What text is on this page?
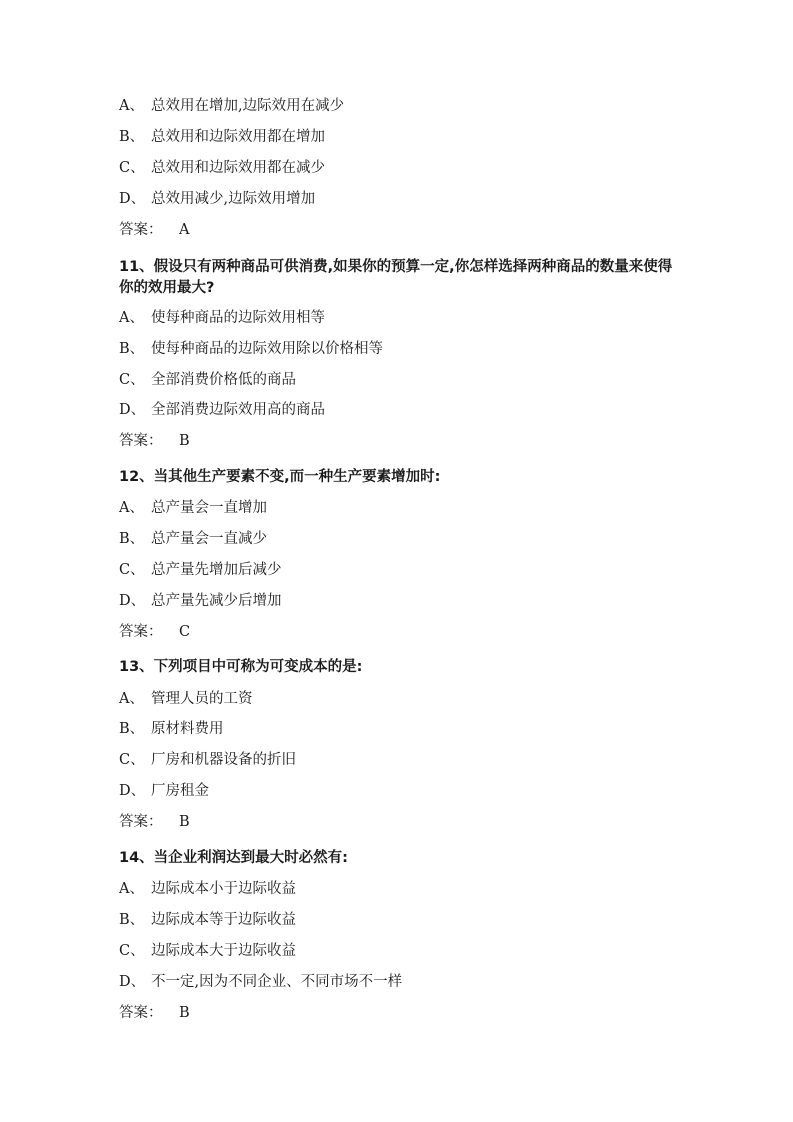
A、 总效用在增加,边际效用在减少
B、 总效用和边际效用都在增加
C、 总效用和边际效用都在减少
D、 总效用减少,边际效用增加
答案： A
11、假设只有两种商品可供消费,如果你的预算一定,你怎样选择两种商品的数量来使得你的效用最大?
A、 使每种商品的边际效用相等
B、 使每种商品的边际效用除以价格相等
C、 全部消费价格低的商品
D、 全部消费边际效用高的商品
答案： B
12、当其他生产要素不变,而一种生产要素增加时:
A、 总产量会一直增加
B、 总产量会一直减少
C、 总产量先增加后减少
D、 总产量先减少后增加
答案： C
13、下列项目中可称为可变成本的是:
A、 管理人员的工资
B、 原材料费用
C、 厂房和机器设备的折旧
D、 厂房租金
答案： B
14、当企业利润达到最大时必然有:
A、 边际成本小于边际收益
B、 边际成本等于边际收益
C、 边际成本大于边际收益
D、 不一定,因为不同企业、不同市场不一样
答案： B
